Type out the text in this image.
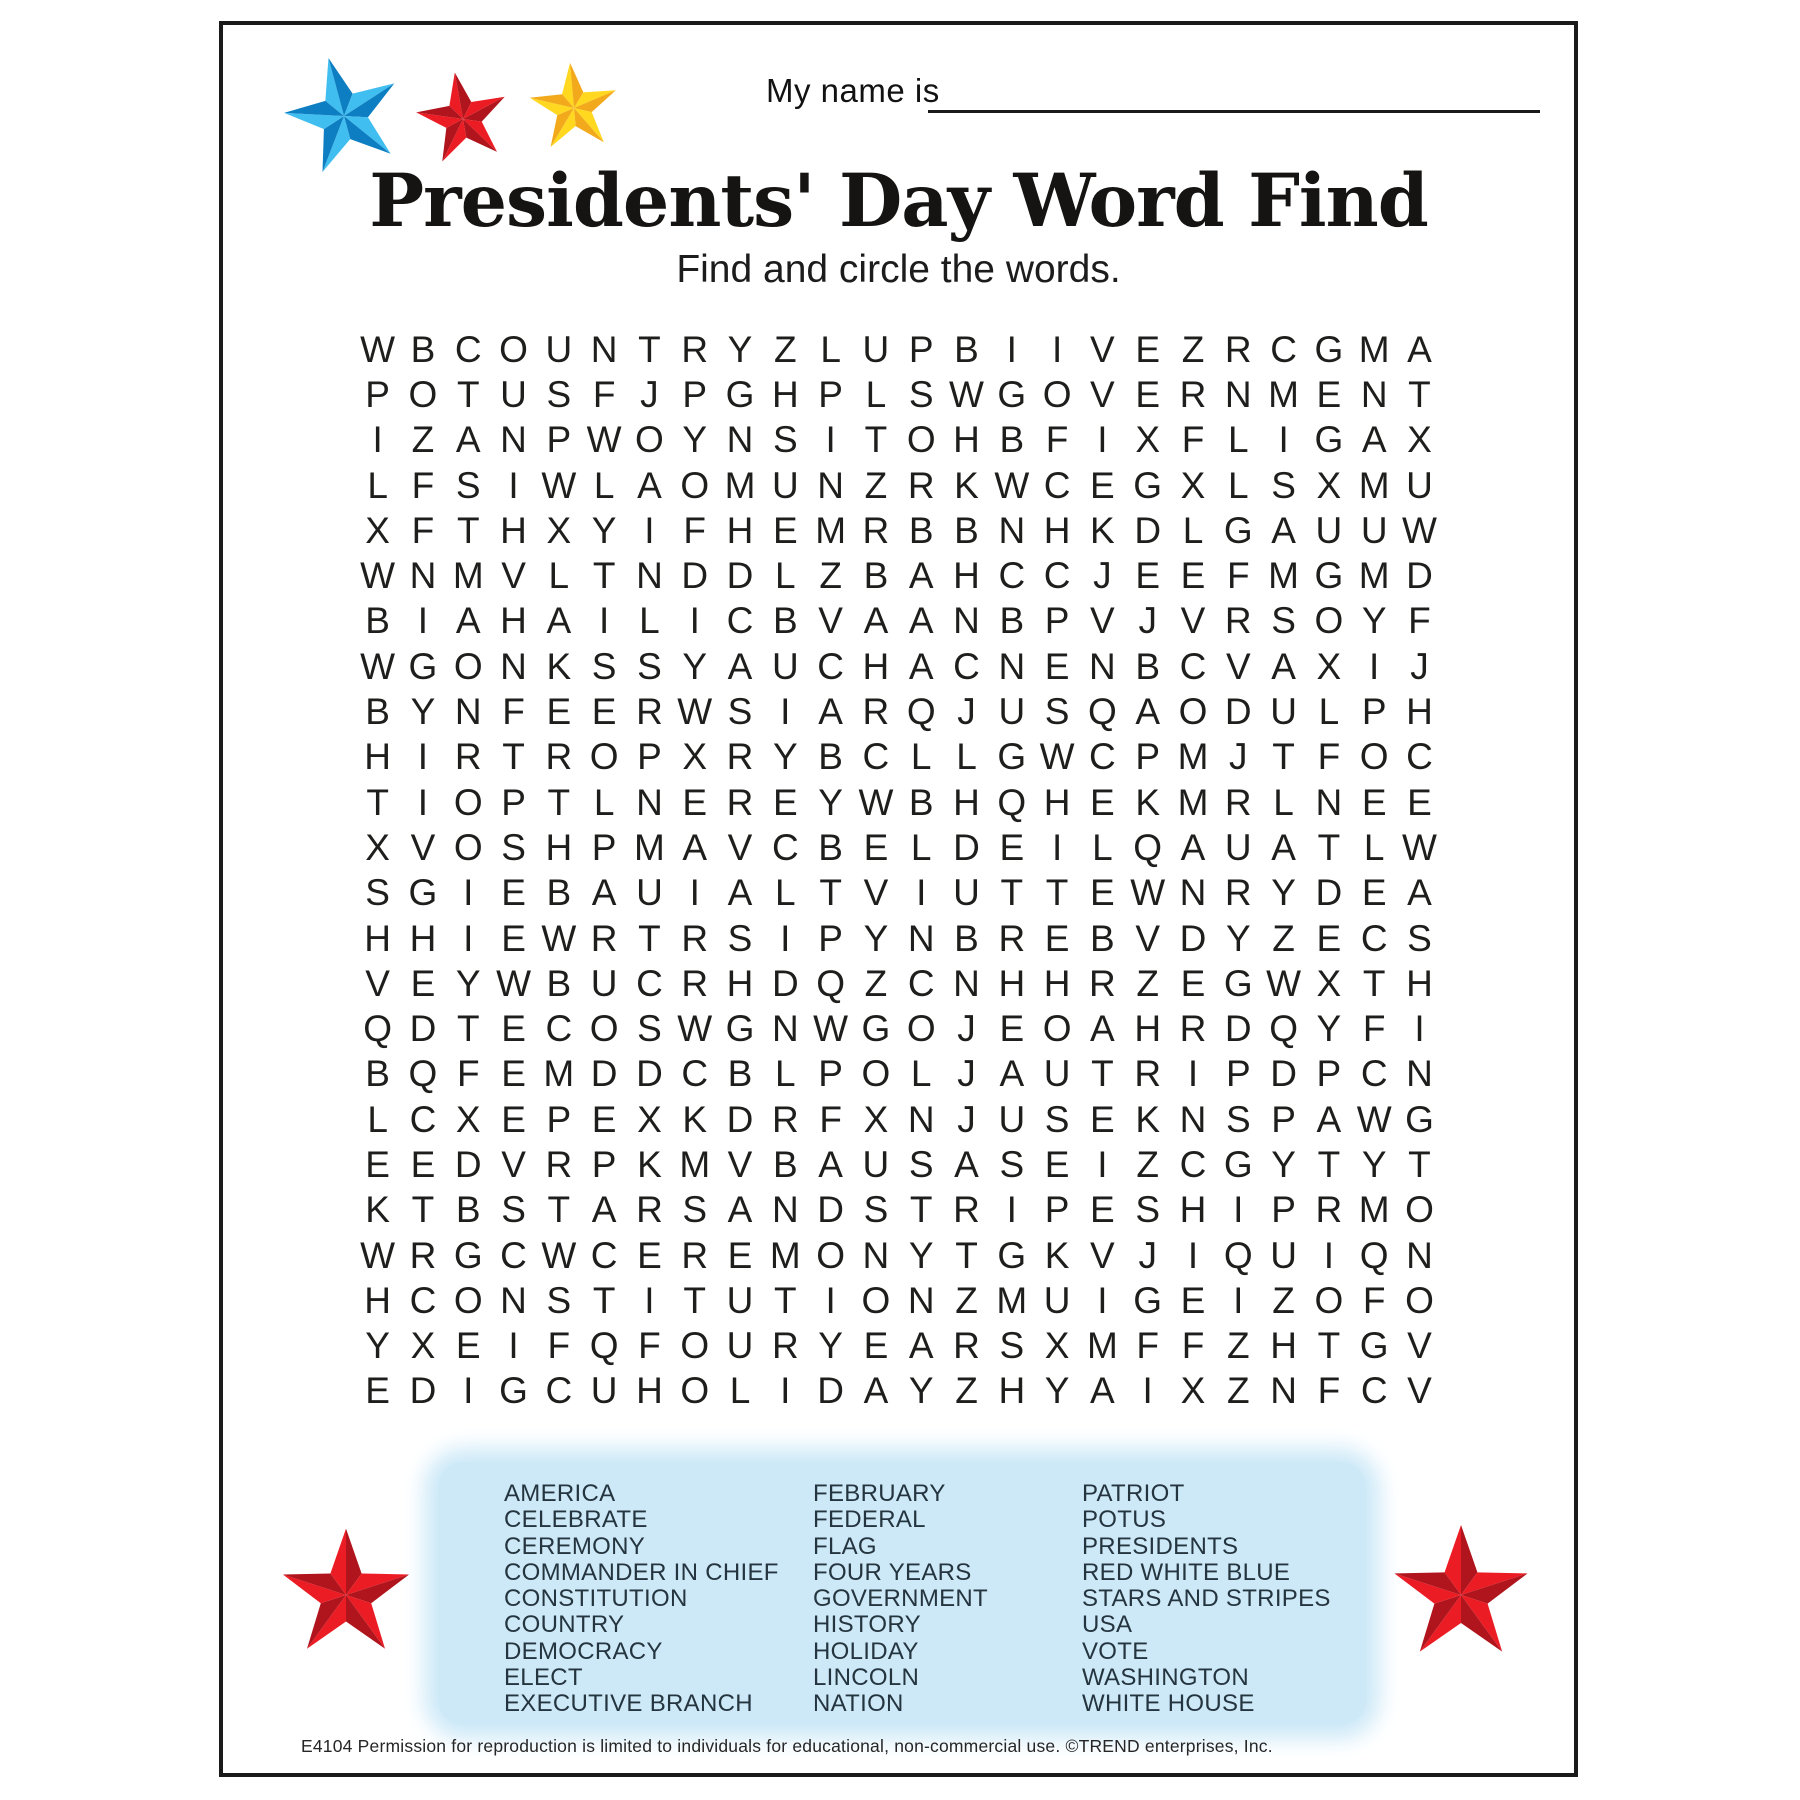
My name is
Presidents' Day Word Find
Find and circle the words.
W B C O U N T R Y Z L U P B I I V E Z R C G M A
P O T U S F J P G H P L S W G O V E R N M E N T
I Z A N P W O Y N S I T O H B F I X F L I G A X
L F S I W L A O M U N Z R K W C E G X L S X M U
X F T H X Y I F H E M R B B N H K D L G A U U W
W N M V L T N D D L Z B A H C C J E E F M G M D
B I A H A I L I C B V A A N B P V J V R S O Y F
W G O N K S S Y A U C H A C N E N B C V A X I J
B Y N F E E R W S I A R Q J U S Q A O D U L P H
H I R T R O P X R Y B C L L G W C P M J T F O C
T I O P T L N E R E Y W B H Q H E K M R L N E E
X V O S H P M A V C B E L D E I L Q A U A T L W
S G I E B A U I A L T V I U T T E W N R Y D E A
H H I E W R T R S I P Y N B R E B V D Y Z E C S
V E Y W B U C R H D Q Z C N H H R Z E G W X T H
Q D T E C O S W G N W G O J E O A H R D Q Y F I
B Q F E M D D C B L P O L J A U T R I P D P C N
L C X E P E X K D R F X N J U S E K N S P A W G
E E D V R P K M V B A U S A S E I Z C G Y T Y T
K T B S T A R S A N D S T R I P E S H I P R M O
W R G C W C E R E M O N Y T G K V J I Q U I Q N
H C O N S T I T U T I O N Z M U I G E I Z O F O
Y X E I F Q F O U R Y E A R S X M F F Z H T G V
E D I G C U H O L I D A Y Z H Y A I X Z N F C V
AMERICA
CELEBRATE
CEREMONY
COMMANDER IN CHIEF
CONSTITUTION
COUNTRY
DEMOCRACY
ELECT
EXECUTIVE BRANCH
FEBRUARY
FEDERAL
FLAG
FOUR YEARS
GOVERNMENT
HISTORY
HOLIDAY
LINCOLN
NATION
PATRIOT
POTUS
PRESIDENTS
RED WHITE BLUE
STARS AND STRIPES
USA
VOTE
WASHINGTON
WHITE HOUSE
E4104 Permission for reproduction is limited to individuals for educational, non-commercial use. ©TREND enterprises, Inc.
